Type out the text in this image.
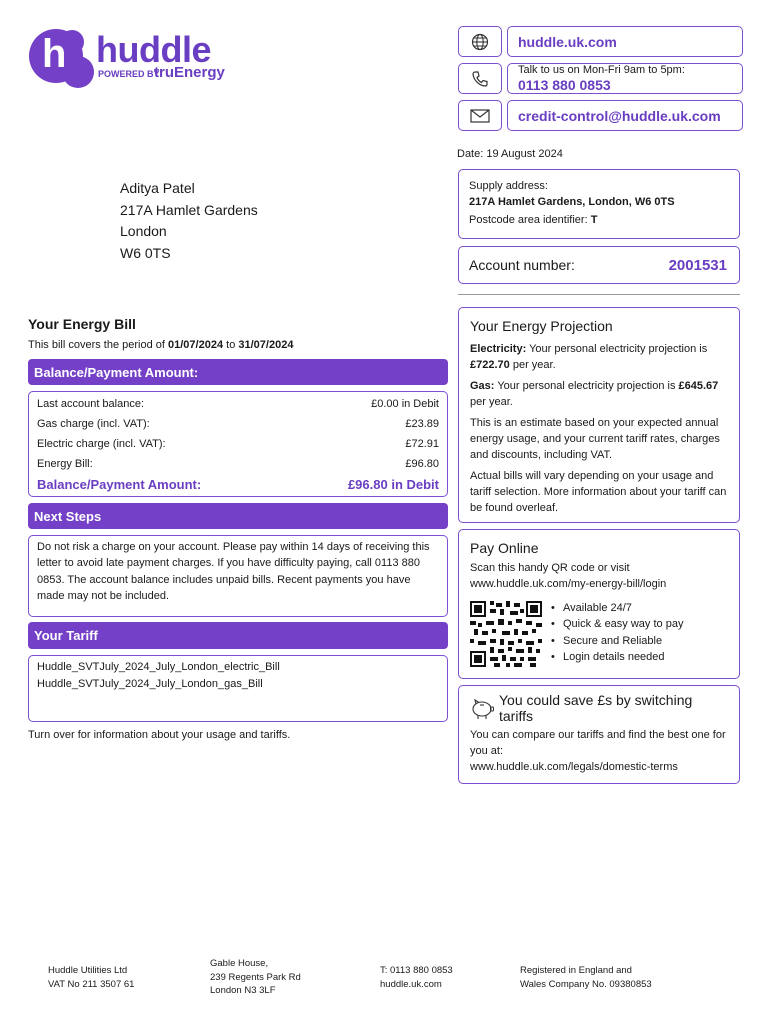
h huddle
POWERED BY
truEnergy
huddle.uk.com
Talk to us on Mon-Fri 9am to 5pm:
0113 880 0853
credit-control@huddle.uk.com
Date: 19 August 2024
Aditya Patel
217A Hamlet Gardens
London
W6 0TS
Supply address:
217A Hamlet Gardens, London, W6 0TS
Postcode area identifier: T
Account number:	2001531
Your Energy Bill
This bill covers the period of 01/07/2024 to 31/07/2024
Balance/Payment Amount:
Last account balance:	£0.00 in Debit
Gas charge (incl. VAT):	£23.89
Electric charge (incl. VAT):	£72.91
Energy Bill:	£96.80
Balance/Payment Amount:	£96.80 in Debit
Next Steps

Do not risk a charge on your account. Please pay within 14 days of receiving this letter to avoid late payment charges. If you have difficulty paying, call 0113 880 0853. The account balance includes unpaid bills. Recent payments you have made may not be included.

Your Tariff
Huddle_SVTJuly_2024_July_London_electric_Bill
Huddle_SVTJuly_2024_July_London_gas_Bill
Turn over for information about your usage and tariffs.
Your Energy Projection

Electricity: Your personal electricity projection is £722.70 per year.

Gas: Your personal electricity projection is £645.67 per year.

This is an estimate based on your expected annual energy usage, and your current tariff rates, charges and discounts, including VAT.

Actual bills will vary depending on your usage and tariff selection. More information about your tariff can be found overleaf.

Pay Online
Scan this handy QR code or visit
www.huddle.uk.com/my-energy-bill/login
• Available 24/7
• Quick & easy way to pay
• Secure and Reliable
• Login details needed
You could save £s by switching tariffs

You can compare our tariffs and find the best one for you at:

www.huddle.uk.com/legals/domestic-terms
Huddle Utilities Ltd
VAT No 211 3507 61
Gable House,
239 Regents Park Rd
London N3 3LF
T: 0113 880 0853
huddle.uk.com
Registered in England and
Wales Company No. 09380853
